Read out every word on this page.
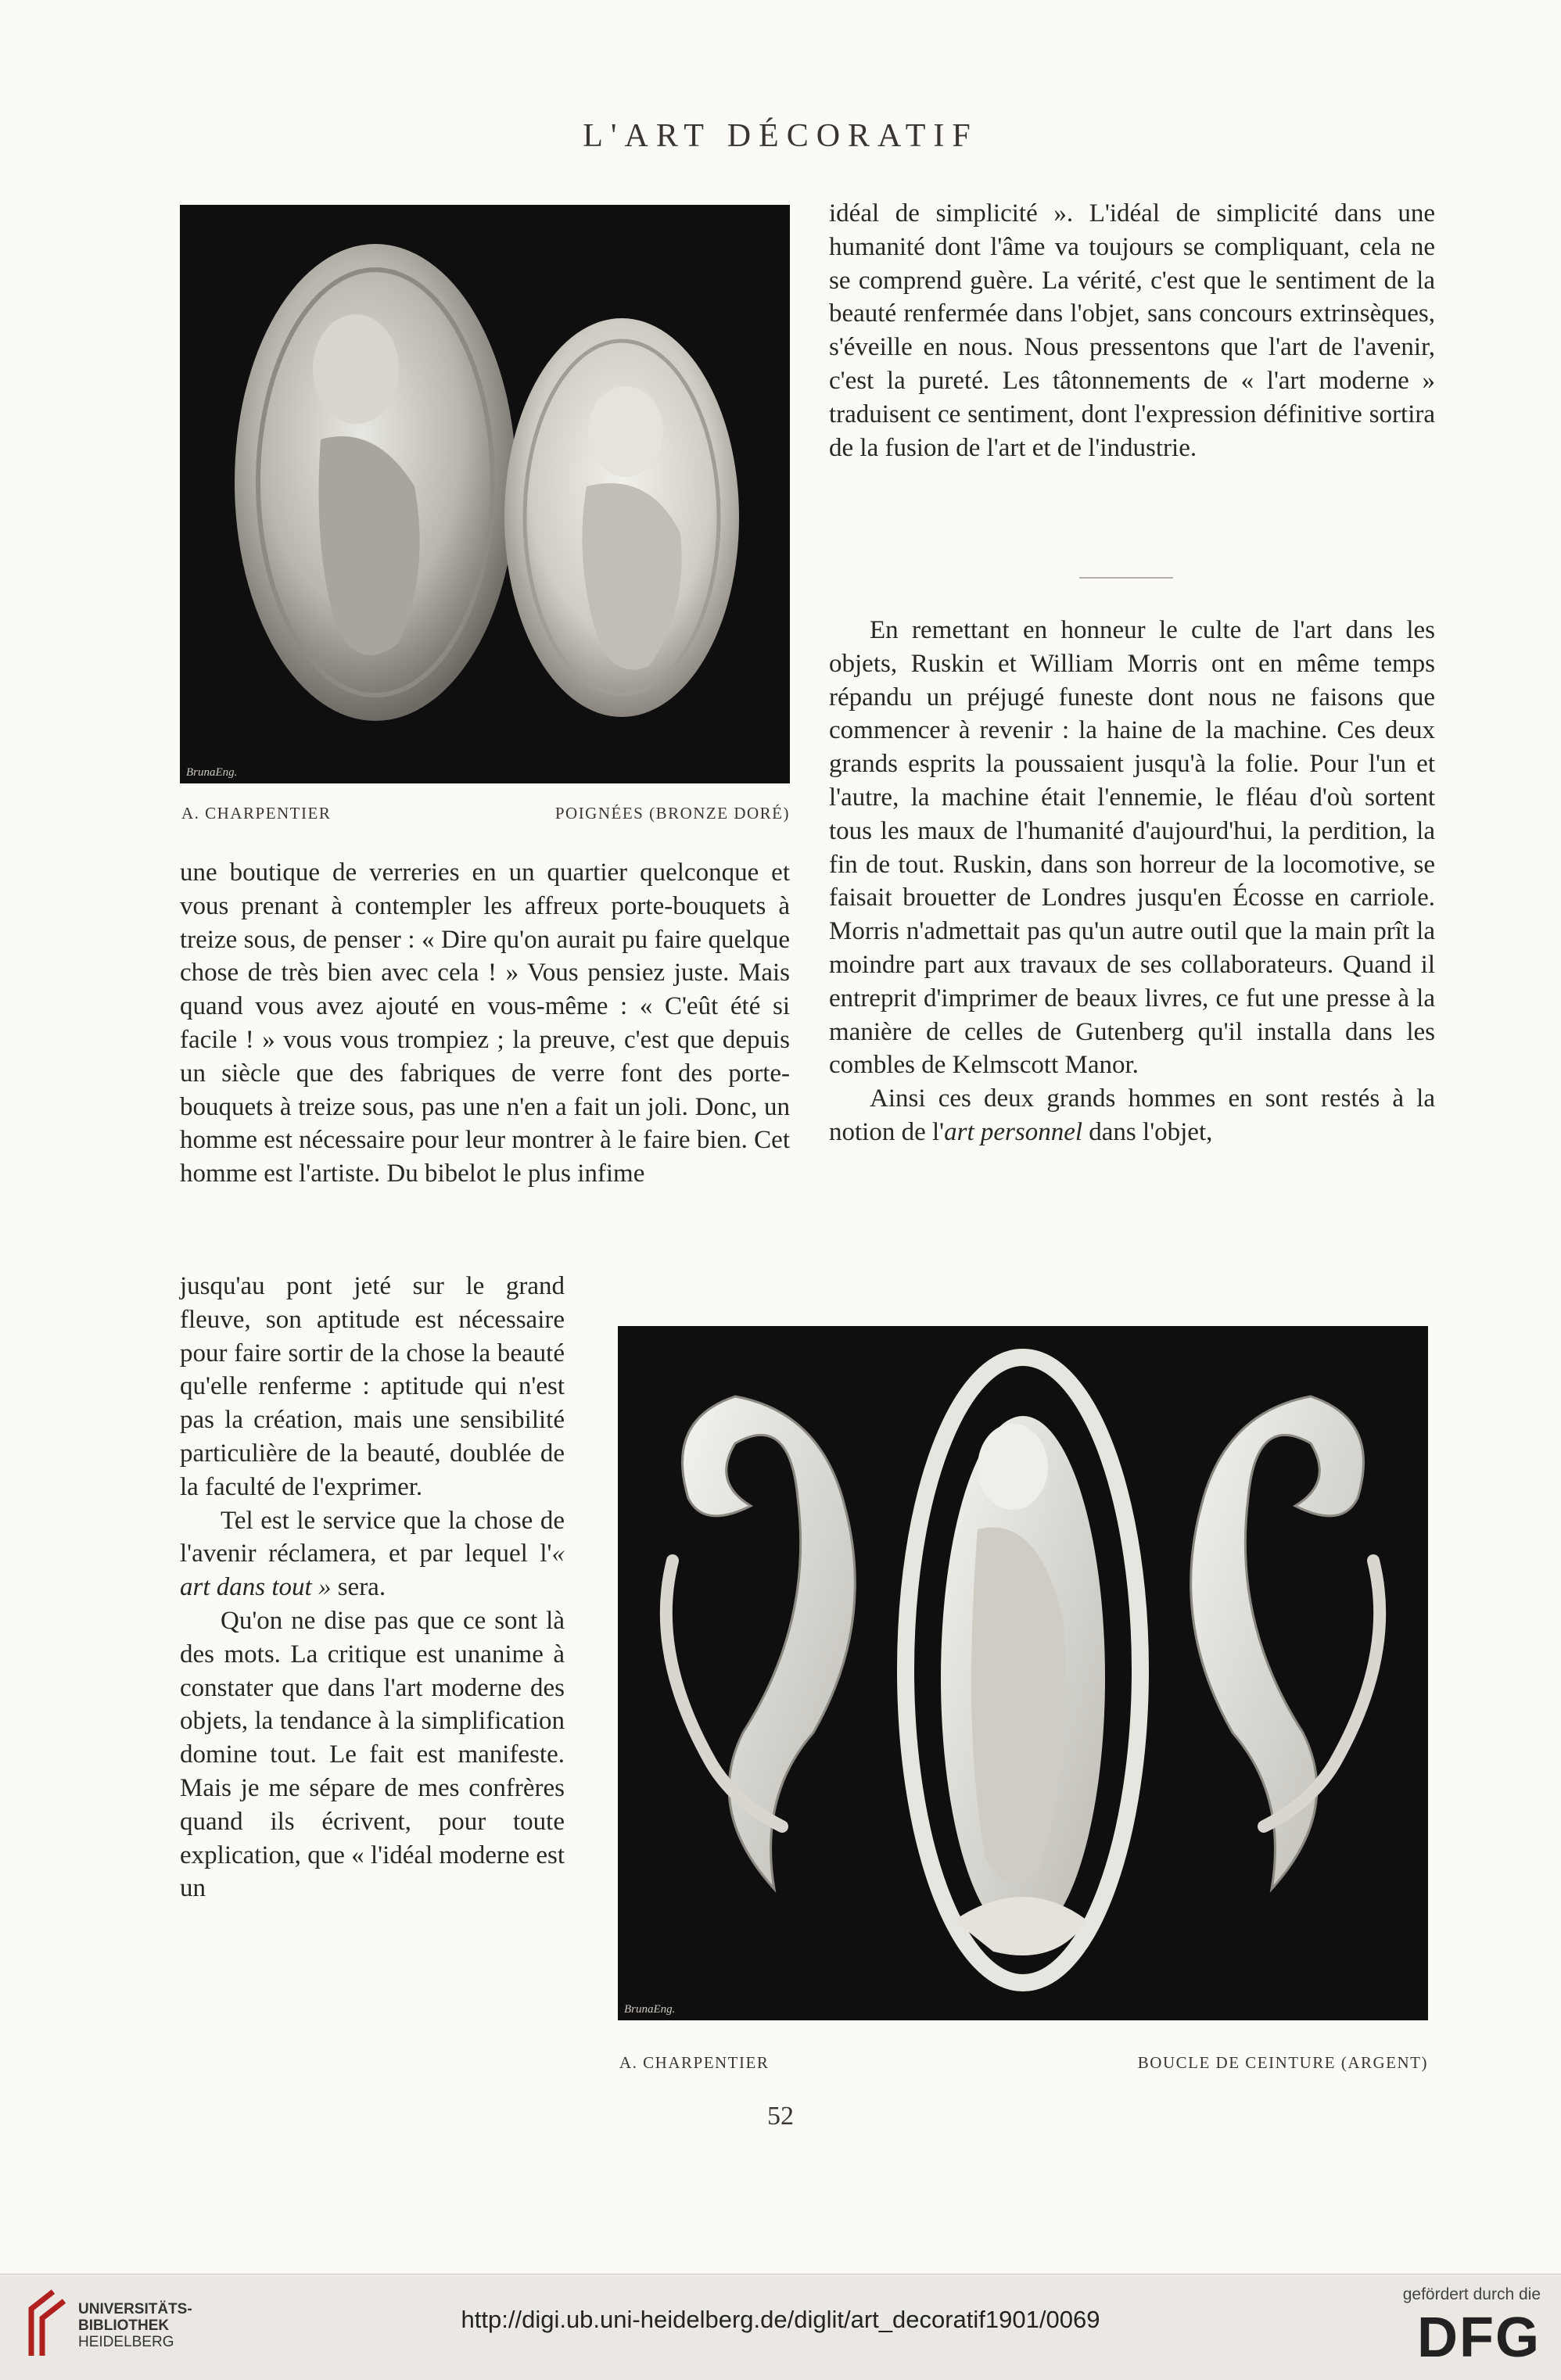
L'ART DÉCORATIF
BrunaEng.
A. CHARPENTIER	POIGNÉES (BRONZE DORÉ)

idéal de simplicité ». L'idéal de simplicité dans une humanité dont l'âme va toujours se compliquant, cela ne se comprend guère. La vérité, c'est que le sentiment de la beauté renfermée dans l'objet, sans concours extrinsèques, s'éveille en nous. Nous pressentons que l'art de l'avenir, c'est la pureté. Les tâtonnements de « l'art moderne » traduisent ce sentiment, dont l'expression définitive sortira de la fusion de l'art et de l'industrie.

En remettant en honneur le culte de l'art dans les objets, Ruskin et William Morris ont en même temps répandu un préjugé funeste dont nous ne faisons que commencer à revenir : la haine de la machine. Ces deux grands esprits la poussaient jusqu'à la folie. Pour l'un et l'autre, la machine était l'ennemie, le fléau d'où sortent tous les maux de l'humanité d'aujourd'hui, la perdition, la fin de tout. Ruskin, dans son horreur de la locomotive, se faisait brouetter de Londres jusqu'en Écosse en carriole. Morris n'admettait pas qu'un autre outil que la main prît la moindre part aux travaux de ses collaborateurs. Quand il entreprit d'imprimer de beaux livres, ce fut une presse à la manière de celles de Gutenberg qu'il installa dans les combles de Kelmscott Manor.

Ainsi ces deux grands hommes en sont restés à la notion de l'art personnel dans l'objet,

une boutique de verreries en un quartier quelconque et vous prenant à contempler les affreux porte-bouquets à treize sous, de penser : « Dire qu'on aurait pu faire quelque chose de très bien avec cela ! » Vous pensiez juste. Mais quand vous avez ajouté en vous-même : « C'eût été si facile ! » vous vous trompiez ; la preuve, c'est que depuis un siècle que des fabriques de verre font des porte-bouquets à treize sous, pas une n'en a fait un joli. Donc, un homme est nécessaire pour leur montrer à le faire bien. Cet homme est l'artiste. Du bibelot le plus infime

jusqu'au pont jeté sur le grand fleuve, son aptitude est nécessaire pour faire sortir de la chose la beauté qu'elle renferme : aptitude qui n'est pas la création, mais une sensibilité particulière de la beauté, doublée de la faculté de l'exprimer.

Tel est le service que la chose de l'avenir réclamera, et par lequel l'« art dans tout » sera.

Qu'on ne dise pas que ce sont là des mots. La critique est unanime à constater que dans l'art moderne des objets, la tendance à la simplification domine tout. Le fait est manifeste. Mais je me sépare de mes confrères quand ils écrivent, pour toute explication, que « l'idéal moderne est un

BrunaEng.
A. CHARPENTIER	BOUCLE DE CEINTURE (ARGENT)
52
UNIVERSITÄTS-
BIBLIOTHEK
HEIDELBERG
http://digi.ub.uni-heidelberg.de/diglit/art_decoratif1901/0069
gefördert durch die
DFG
